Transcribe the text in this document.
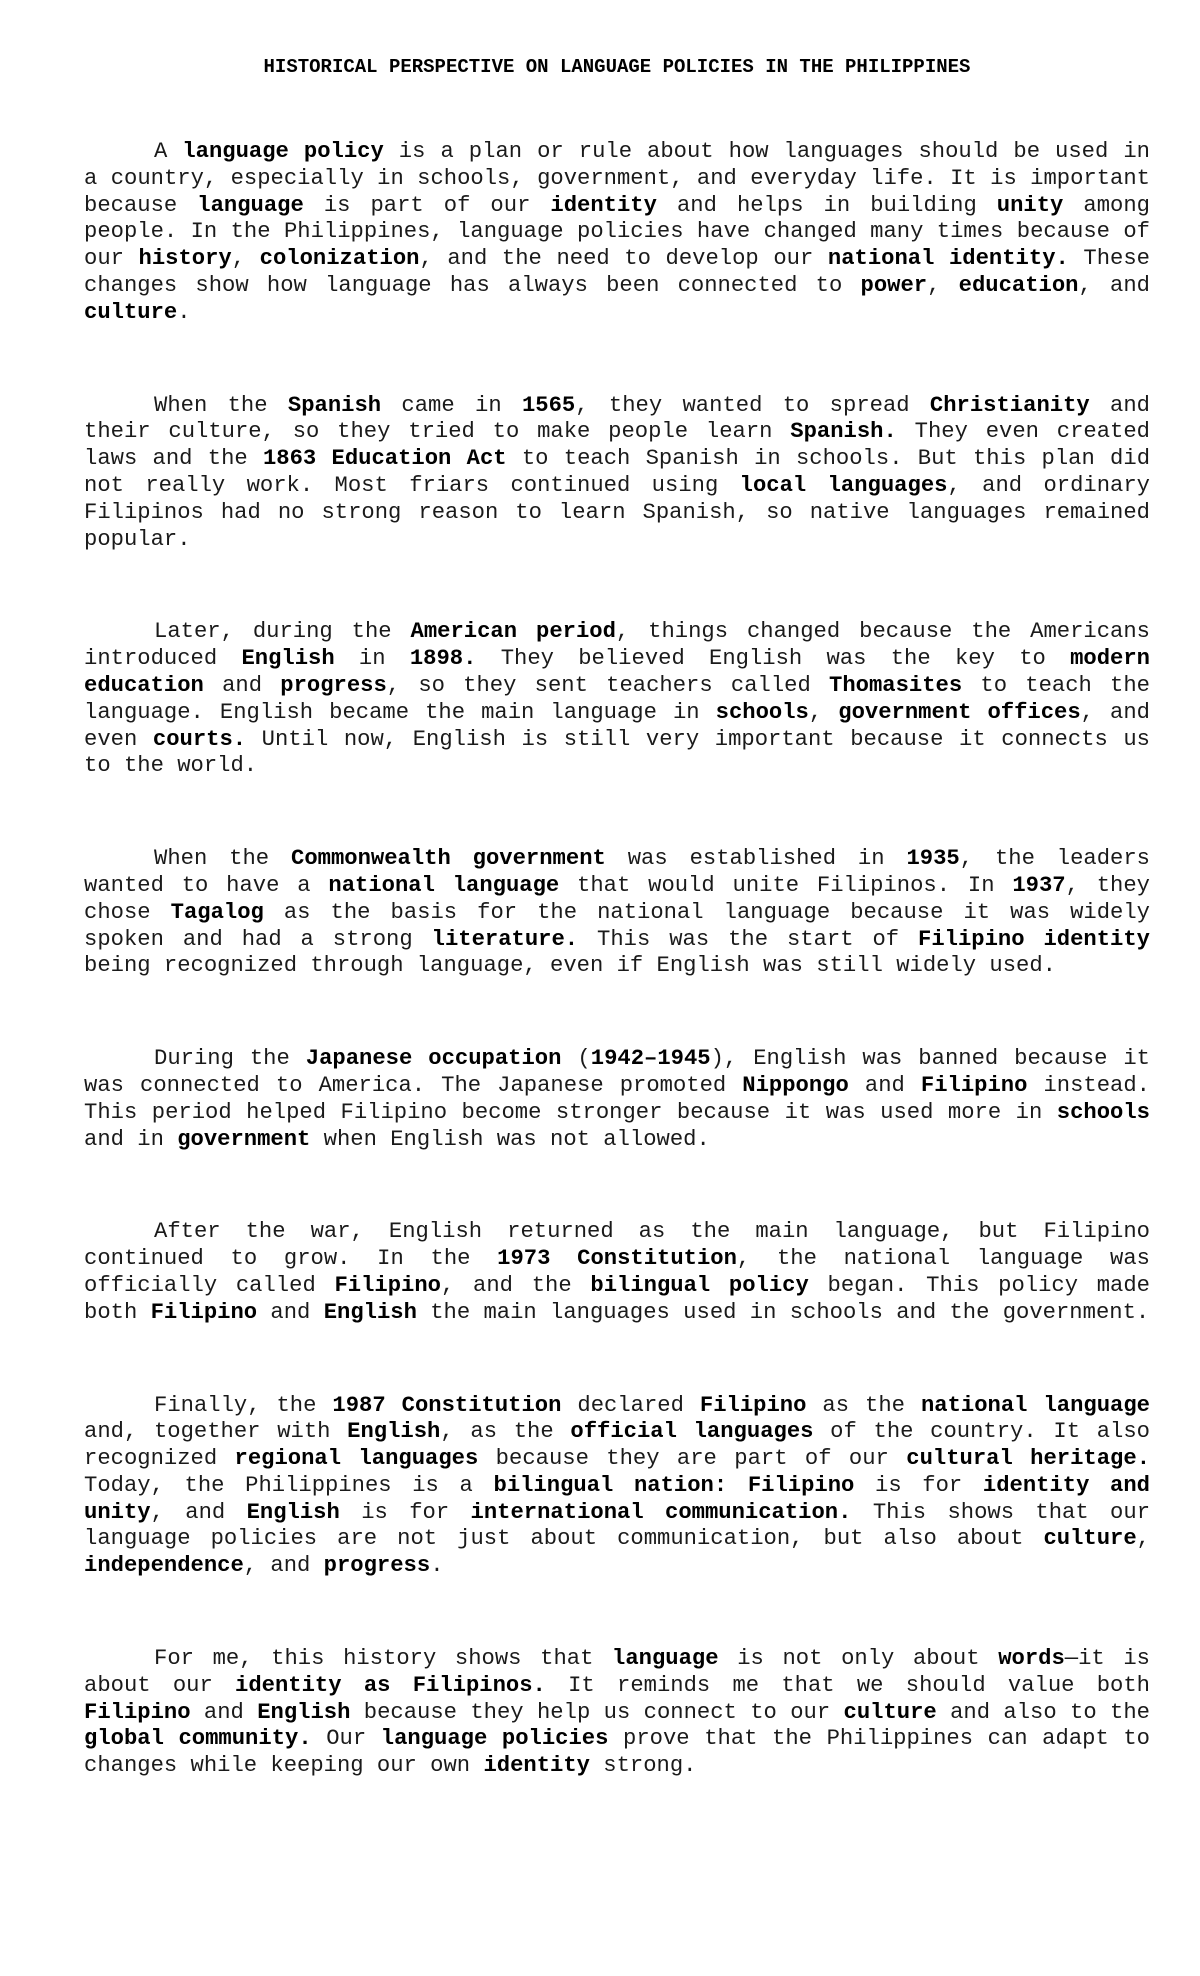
HISTORICAL PERSPECTIVE ON LANGUAGE POLICIES IN THE PHILIPPINES

A language policy is a plan or rule about how languages should be used in a country, especially in schools, government, and everyday life. It is important because language is part of our identity and helps in building unity among people. In the Philippines, language policies have changed many times because of our history, colonization, and the need to develop our national identity. These changes show how language has always been connected to power, education, and culture.

When the Spanish came in 1565, they wanted to spread Christianity and their culture, so they tried to make people learn Spanish. They even created laws and the 1863 Education Act to teach Spanish in schools. But this plan did not really work. Most friars continued using local languages, and ordinary Filipinos had no strong reason to learn Spanish, so native languages remained popular.

Later, during the American period, things changed because the Americans introduced English in 1898. They believed English was the key to modern education and progress, so they sent teachers called Thomasites to teach the language. English became the main language in schools, government offices, and even courts. Until now, English is still very important because it connects us to the world.

When the Commonwealth government was established in 1935, the leaders wanted to have a national language that would unite Filipinos. In 1937, they chose Tagalog as the basis for the national language because it was widely spoken and had a strong literature. This was the start of Filipino identity being recognized through language, even if English was still widely used.

During the Japanese occupation (1942–1945), English was banned because it was connected to America. The Japanese promoted Nippongo and Filipino instead. This period helped Filipino become stronger because it was used more in schools and in government when English was not allowed.

After the war, English returned as the main language, but Filipino continued to grow. In the 1973 Constitution, the national language was officially called Filipino, and the bilingual policy began. This policy made both Filipino and English the main languages used in schools and the government.

Finally, the 1987 Constitution declared Filipino as the national language and, together with English, as the official languages of the country. It also recognized regional languages because they are part of our cultural heritage. Today, the Philippines is a bilingual nation: Filipino is for identity and unity, and English is for international communication. This shows that our language policies are not just about communication, but also about culture, independence, and progress.

For me, this history shows that language is not only about words—it is about our identity as Filipinos. It reminds me that we should value both Filipino and English because they help us connect to our culture and also to the global community. Our language policies prove that the Philippines can adapt to changes while keeping our own identity strong.
